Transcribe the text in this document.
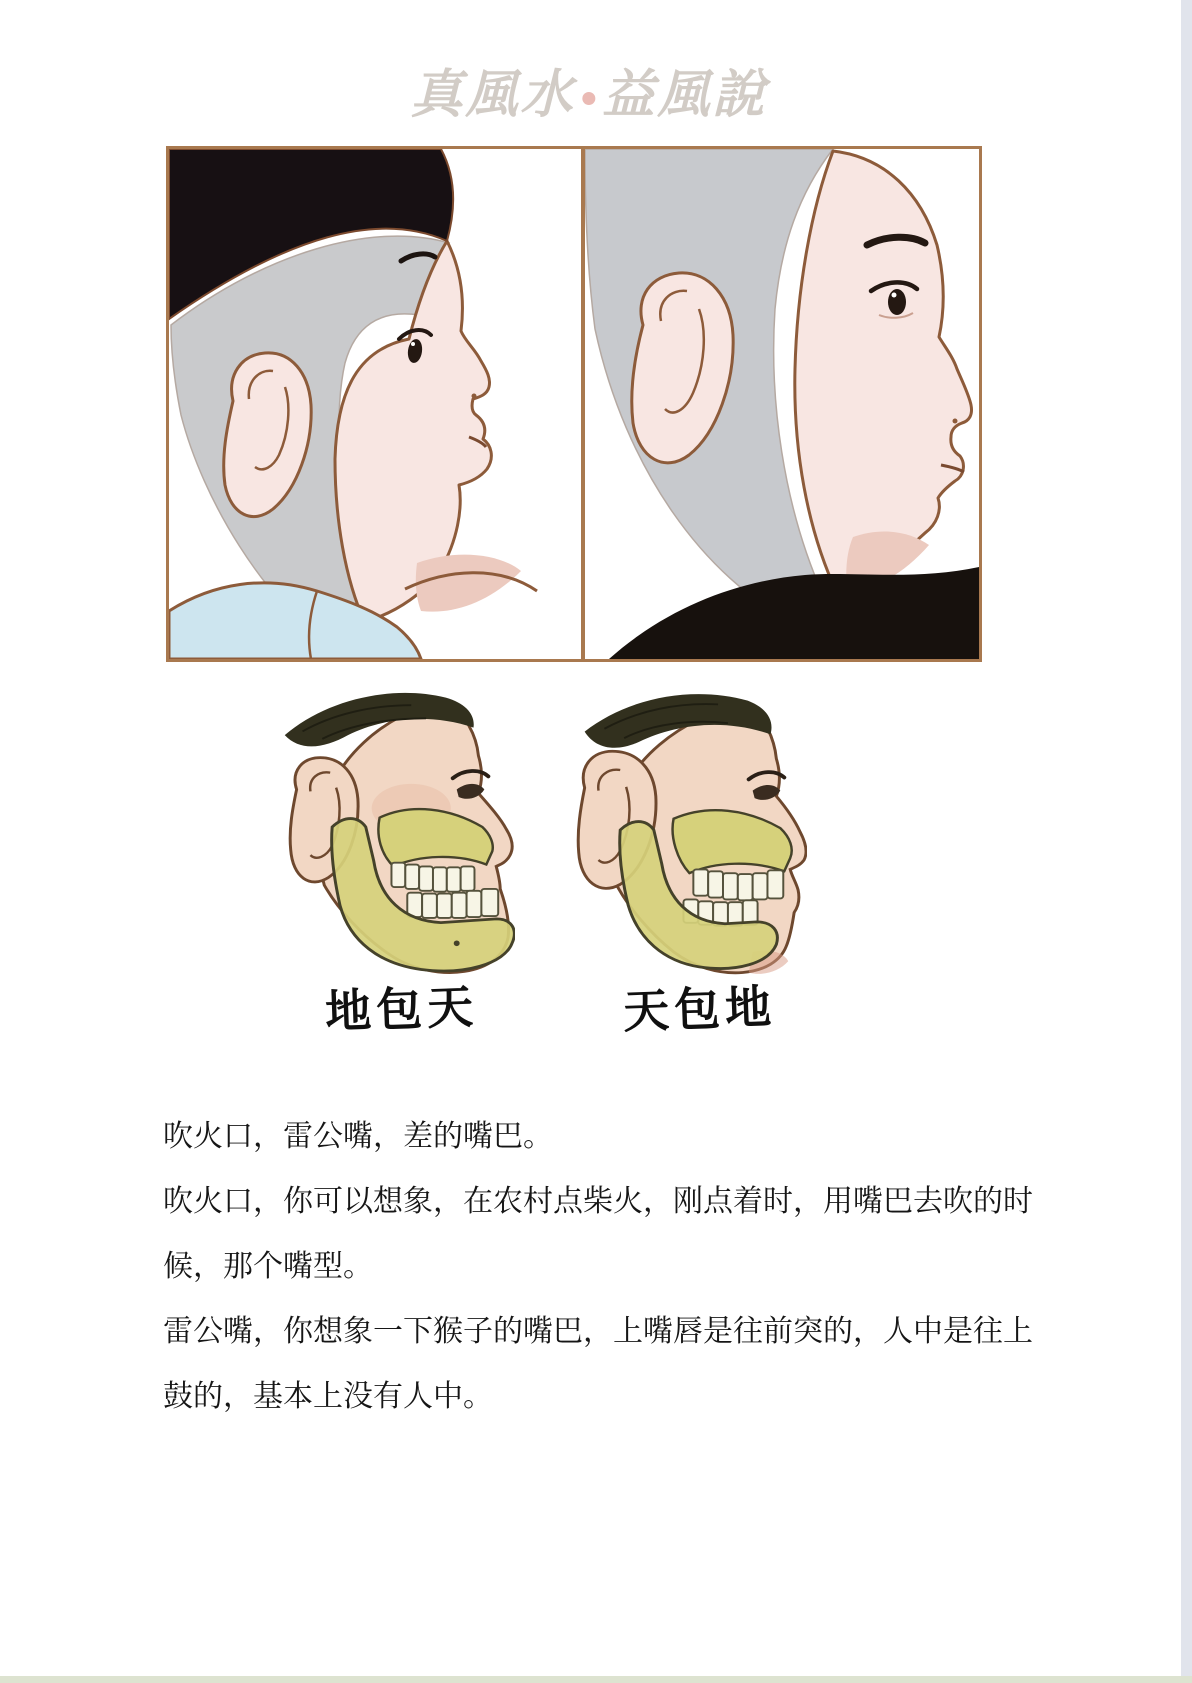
真風水 益風說
地包天	天包地
吹火口，雷公嘴，差的嘴巴。
吹火口，你可以想象，在农村点柴火，刚点着时，用嘴巴去吹的时
候，那个嘴型。
雷公嘴，你想象一下猴子的嘴巴，上嘴唇是往前突的，人中是往上
鼓的，基本上没有人中。
